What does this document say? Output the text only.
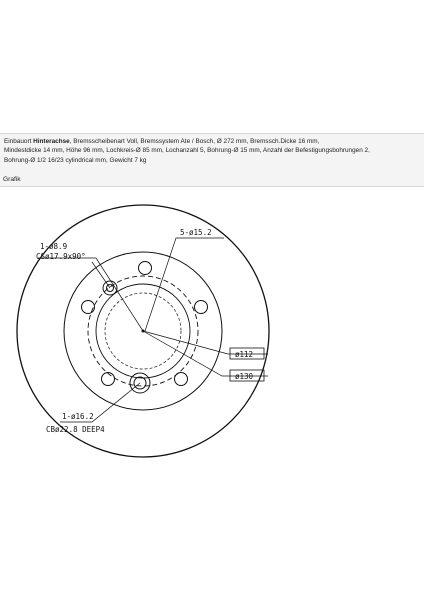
Einbauort Hinterachse, Bremsscheibenart Voll, Bremssystem Ate / Bosch, Ø 272 mm, Bremssch.Dicke 16 mm,
Mindestdicke 14 mm, Höhe 96 mm, Lochkreis-Ø 85 mm, Lochanzahl 5, Bohrung-Ø 15 mm, Anzahl der Befestigungsbohrungen 2,
Bohrung-Ø 1/2 16/23 cylindrical mm, Gewicht 7 kg
Grafik
5-ø15.2
1-ø8.9
CSø17.9x90°
1-ø16.2
CBø22.8 DEEP4
ø112
ø130
